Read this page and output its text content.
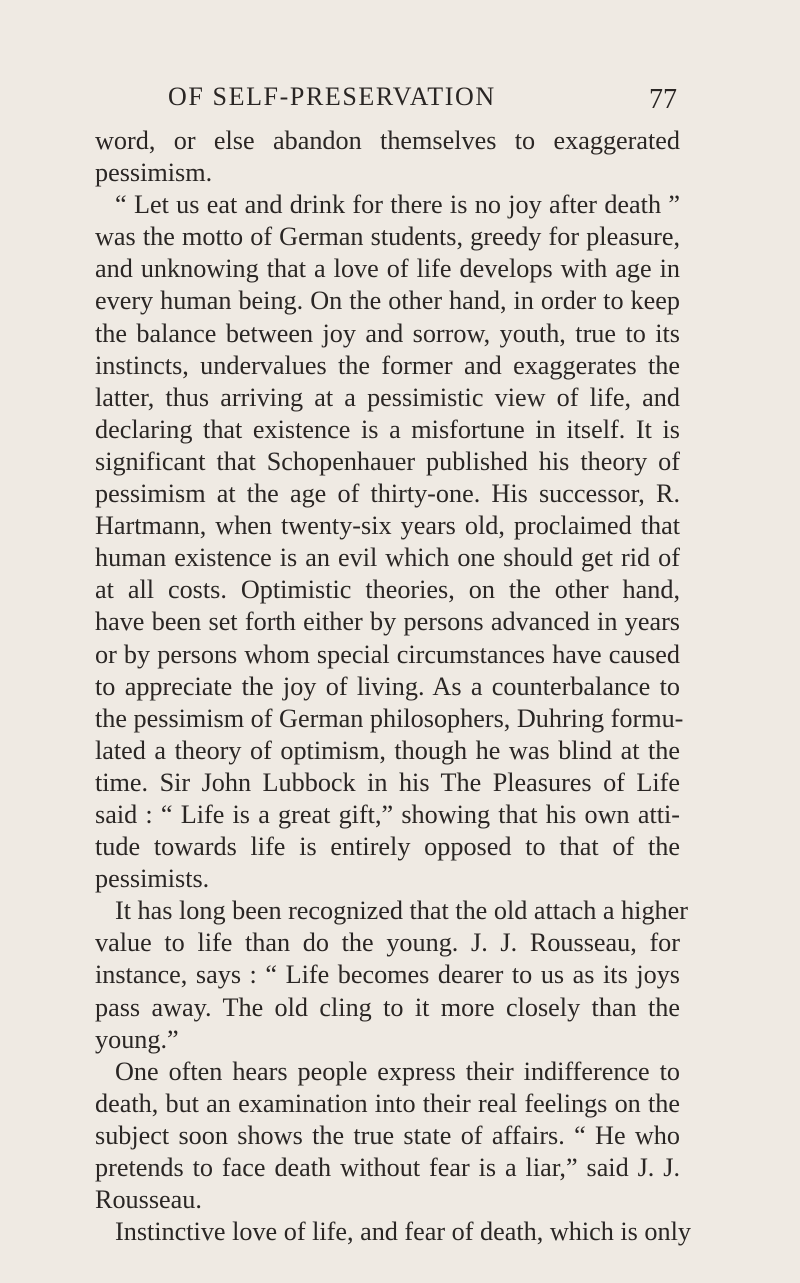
OF SELF-PRESERVATION	77
word, or else abandon themselves to exaggerated
pessimism.
“ Let us eat and drink for there is no joy after death ”
was the motto of German students, greedy for pleasure,
and unknowing that a love of life develops with age in
every human being. On the other hand, in order to keep
the balance between joy and sorrow, youth, true to its
instincts, undervalues the former and exaggerates the
latter, thus arriving at a pessimistic view of life, and
declaring that existence is a misfortune in itself. It is
significant that Schopenhauer published his theory of
pessimism at the age of thirty-one. His successor, R.
Hartmann, when twenty-six years old, proclaimed that
human existence is an evil which one should get rid of
at all costs. Optimistic theories, on the other hand,
have been set forth either by persons advanced in years
or by persons whom special circumstances have caused
to appreciate the joy of living. As a counterbalance to
the pessimism of German philosophers, Duhring formu-
lated a theory of optimism, though he was blind at the
time. Sir John Lubbock in his The Pleasures of Life
said : “ Life is a great gift,” showing that his own atti-
tude towards life is entirely opposed to that of the
pessimists.
It has long been recognized that the old attach a higher
value to life than do the young. J. J. Rousseau, for
instance, says : “ Life becomes dearer to us as its joys
pass away. The old cling to it more closely than the
young.”
One often hears people express their indifference to
death, but an examination into their real feelings on the
subject soon shows the true state of affairs. “ He who
pretends to face death without fear is a liar,” said J. J.
Rousseau.
Instinctive love of life, and fear of death, which is only
